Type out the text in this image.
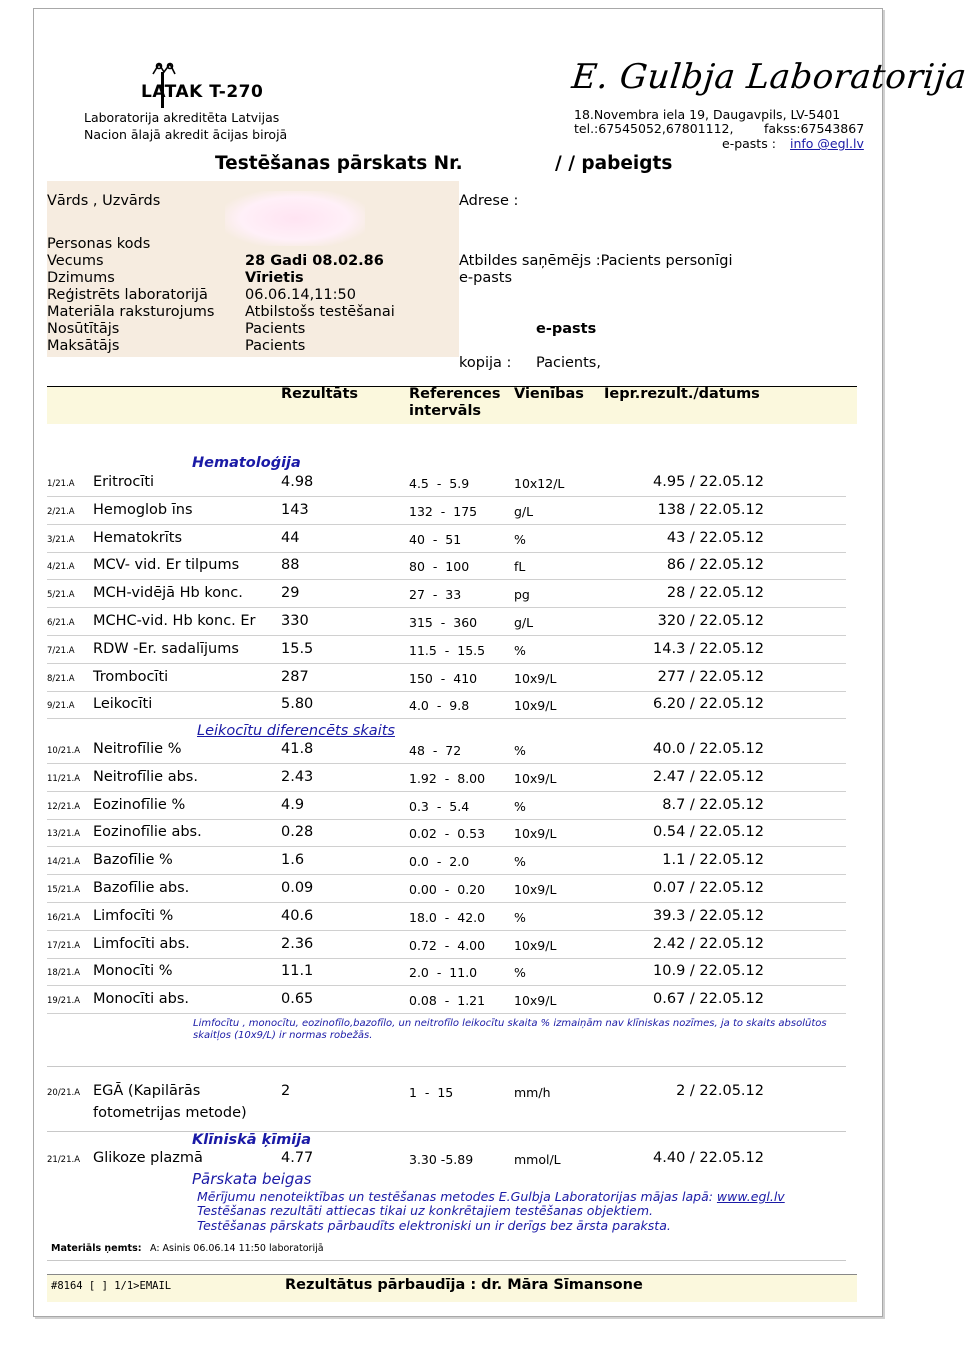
LATAK T-270
Laboratorija akreditēta Latvijas
Nacion ālajā akredit ācijas birojā
E. Gulbja Laboratorija
18.Novembra iela 19, Daugavpils, LV-5401
tel.:67545052,67801112, fakss:67543867
e-pasts : info @egl.lv
Testēšanas pārskats Nr.	/ / pabeigts
Vārds , Uzvārds
Personas kods
Vecums	28 Gadi 08.02.86
Dzimums	Vīrietis
Reģistrēts laboratorijā	06.06.14,11:50
Materiāla raksturojums Atbilstošs testēšanai
Nosūtītājs	Pacients
Maksātājs	Pacients
Adrese :
Atbildes saņēmējs :Pacients personīgi
e-pasts
e-pasts
kopija : Pacients,
Rezultāts	References
intervāls
Vienības Iepr.rezult./datums
Hematoloģija
1/21.A Eritrocīti	4.98	4.5  -  5.9	10x12/L	4.95 / 22.05.12
2/21.A Hemoglob īns	143	132  -  175	g/L	138 / 22.05.12
3/21.A Hematokrīts	44	40  -  51	%	43 / 22.05.12
4/21.A MCV- vid. Er tilpums	88	80  -  100	fL	86 / 22.05.12
5/21.A MCH-vidējā Hb konc.	29	27  -  33	pg	28 / 22.05.12
6/21.A MCHC-vid. Hb konc. Er 330	315  -  360	g/L	320 / 22.05.12
7/21.A RDW -Er. sadalījums	15.5	11.5  -  15.5 %	14.3 / 22.05.12
8/21.A Trombocīti	287	150  -  410	10x9/L	277 / 22.05.12
9/21.A Leikocīti	5.80	4.0  -  9.8	10x9/L	6.20 / 22.05.12
Leikocītu diferencēts skaits
10/21.A Neitrofīlie %	41.8	48  -  72	%	40.0 / 22.05.12
11/21.A Neitrofīlie abs.	2.43	1.92  -  8.00 10x9/L	2.47 / 22.05.12
12/21.A Eozinofīlie %	4.9	0.3  -  5.4	%	8.7 / 22.05.12
13/21.A Eozinofīlie abs.	0.28	0.02  -  0.53 10x9/L	0.54 / 22.05.12
14/21.A Bazofīlie %	1.6	0.0  -  2.0	%	1.1 / 22.05.12
15/21.A Bazofīlie abs.	0.09	0.00  -  0.20 10x9/L	0.07 / 22.05.12
16/21.A Limfocīti %	40.6	18.0  -  42.0 %	39.3 / 22.05.12
17/21.A Limfocīti abs.	2.36	0.72  -  4.00 10x9/L	2.42 / 22.05.12
18/21.A Monocīti %	11.1	2.0  -  11.0	%	10.9 / 22.05.12
19/21.A Monocīti abs.	0.65	0.08  -  1.21 10x9/L	0.67 / 22.05.12
Limfocītu , monocītu, eozinofīlo,bazofīlo, un neitrofīlo leikocītu skaita % izmaiņām nav klīniskas nozīmes, ja to skaits absolūtos
skaitļos (10x9/L) ir normas robežās.
20/21.A EGĀ (Kapilārās	2	1  -  15	mm/h	2 / 22.05.12
fotometrijas metode)
Klīniskā ķīmija
21/21.A Glikoze plazmā	4.77	3.30 -5.89	mmol/L	4.40 / 22.05.12
Pārskata beigas
Mērījumu nenoteiktības un testēšanas metodes E.Gulbja Laboratorijas mājas lapā: www.egl.lv
Testēšanas rezultāti attiecas tikai uz konkrētajiem testēšanas objektiem.
Testēšanas pārskats pārbaudīts elektroniski un ir derīgs bez ārsta paraksta.
Materiāls ņemts: A: Asinis 06.06.14 11:50 laboratorijā
#8164 [ ] 1/1>EMAIL	Rezultātus pārbaudīja : dr. Māra Sīmansone
